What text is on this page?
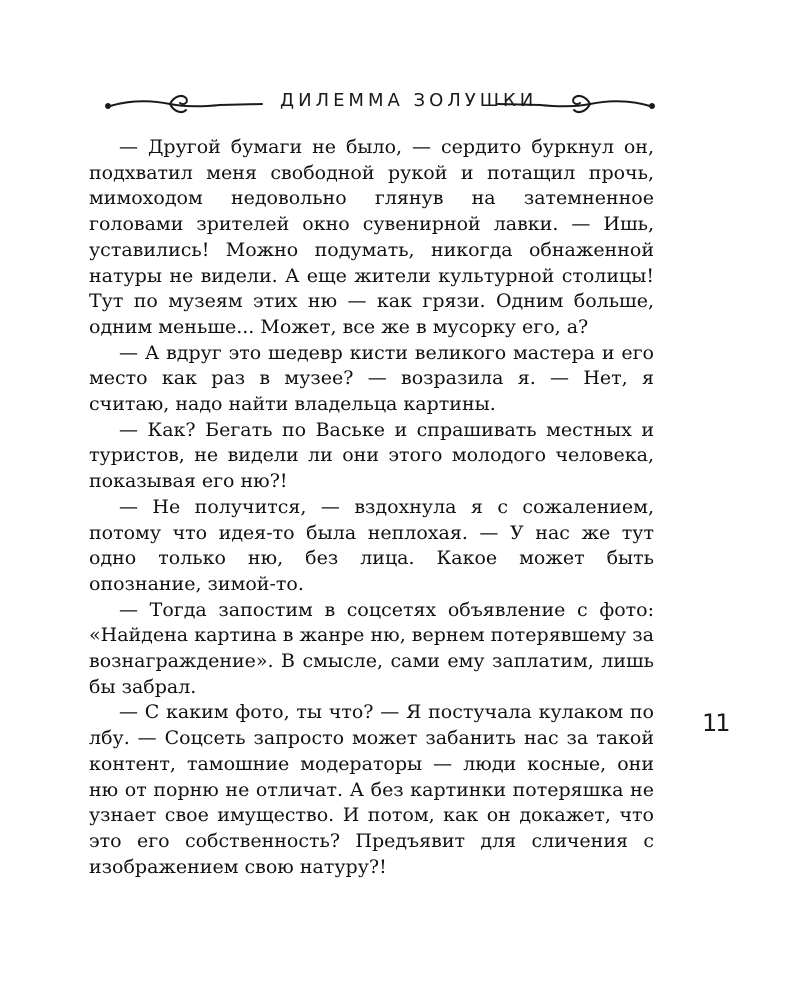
ДИЛЕММА ЗОЛУШКИ

— Другой бумаги не было, — сердито буркнул он, подхватил меня свободной рукой и потащил прочь, мимоходом недовольно глянув на затемненное головами зрителей окно сувенирной лавки. — Ишь, уставились! Можно подумать, никогда обнаженной натуры не видели. А еще жители культурной столицы! Тут по музеям этих ню — как грязи. Одним больше, одним меньше... Может, все же в мусорку его, а?

— А вдруг это шедевр кисти великого мастера и его место как раз в музее? — возразила я. — Нет, я считаю, надо найти владельца картины.

— Как? Бегать по Ваське и спрашивать местных и туристов, не видели ли они этого молодого человека, показывая его ню?!

— Не получится, — вздохнула я с сожалением, потому что идея-то была неплохая. — У нас же тут одно только ню, без лица. Какое может быть опознание, зимой-то.

— Тогда запостим в соцсетях объявление с фото: «Найдена картина в жанре ню, вернем потерявшему за вознаграждение». В смысле, сами ему заплатим, лишь бы забрал.

— С каким фото, ты что? — Я постучала кулаком по лбу. — Соцсеть запросто может забанить нас за такой контент, тамошние модераторы — люди косные, они ню от порню не отличат. А без картинки потеряшка не узнает свое имущество. И потом, как он докажет, что это его собственность? Предъявит для сличения с изображением свою натуру?!

11
